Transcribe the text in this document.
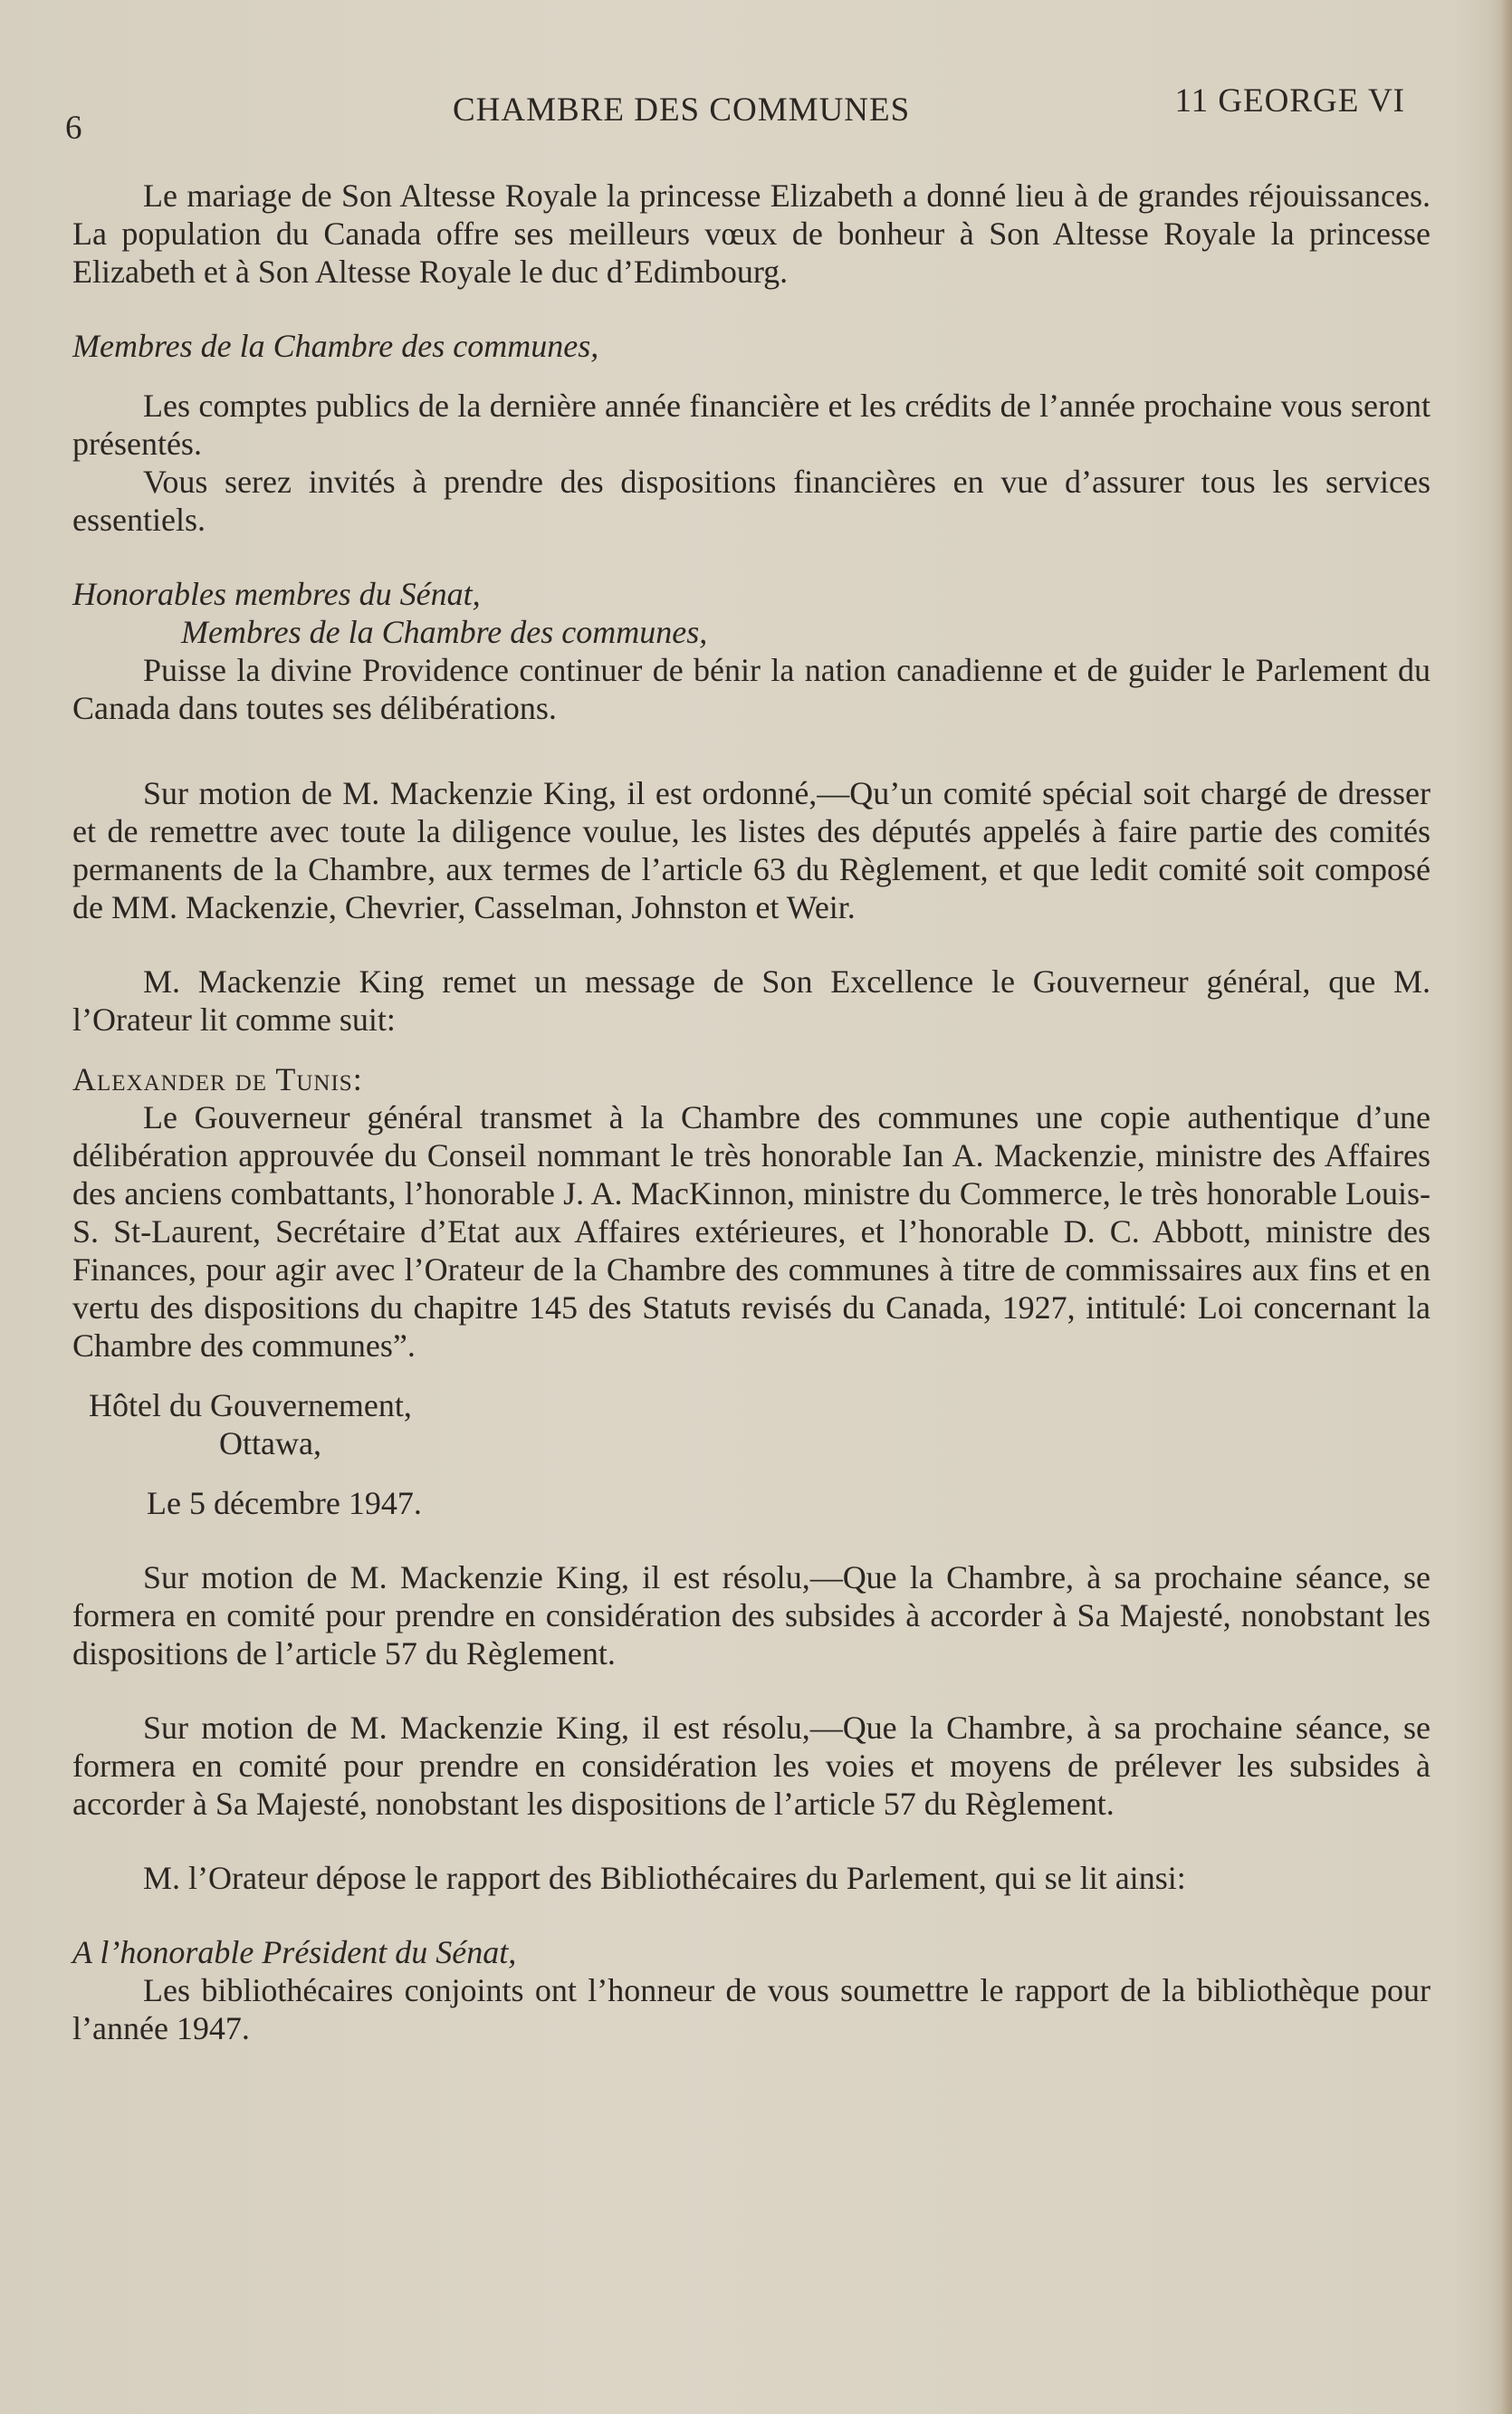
6	CHAMBRE DES COMMUNES	11 GEORGE VI

Le mariage de Son Altesse Royale la princesse Elizabeth a donné lieu à de grandes réjouissances. La population du Canada offre ses meilleurs vœux de bonheur à Son Altesse Royale la princesse Elizabeth et à Son Altesse Royale le duc d’Edimbourg.

Membres de la Chambre des communes,

Les comptes publics de la dernière année financière et les crédits de l’année prochaine vous seront présentés.

Vous serez invités à prendre des dispositions financières en vue d’assurer tous les services essentiels.

Honorables membres du Sénat,

Membres de la Chambre des communes,

Puisse la divine Providence continuer de bénir la nation canadienne et de guider le Parlement du Canada dans toutes ses délibérations.

Sur motion de M. Mackenzie King, il est ordonné,—Qu’un comité spécial soit chargé de dresser et de remettre avec toute la diligence voulue, les listes des députés appelés à faire partie des comités permanents de la Chambre, aux termes de l’article 63 du Règlement, et que ledit comité soit composé de MM. Mackenzie, Chevrier, Casselman, Johnston et Weir.

M. Mackenzie King remet un message de Son Excellence le Gouverneur général, que M. l’Orateur lit comme suit:

Alexander de Tunis:

Le Gouverneur général transmet à la Chambre des communes une copie authentique d’une délibération approuvée du Conseil nommant le très honorable Ian A. Mackenzie, ministre des Affaires des anciens combattants, l’honorable J. A. MacKinnon, ministre du Commerce, le très honorable Louis-S. St-Laurent, Secrétaire d’Etat aux Affaires extérieures, et l’honorable D. C. Abbott, ministre des Finances, pour agir avec l’Orateur de la Chambre des communes à titre de commissaires aux fins et en vertu des dispositions du chapitre 145 des Statuts revisés du Canada, 1927, intitulé: Loi concernant la Chambre des communes”.

Hôtel du Gouvernement,

Ottawa,

Le 5 décembre 1947.

Sur motion de M. Mackenzie King, il est résolu,—Que la Chambre, à sa prochaine séance, se formera en comité pour prendre en considération des subsides à accorder à Sa Majesté, nonobstant les dispositions de l’article 57 du Règlement.

Sur motion de M. Mackenzie King, il est résolu,—Que la Chambre, à sa prochaine séance, se formera en comité pour prendre en considération les voies et moyens de prélever les subsides à accorder à Sa Majesté, nonobstant les dispositions de l’article 57 du Règlement.

M. l’Orateur dépose le rapport des Bibliothécaires du Parlement, qui se lit ainsi:

A l’honorable Président du Sénat,

Les bibliothécaires conjoints ont l’honneur de vous soumettre le rapport de la bibliothèque pour l’année 1947.
